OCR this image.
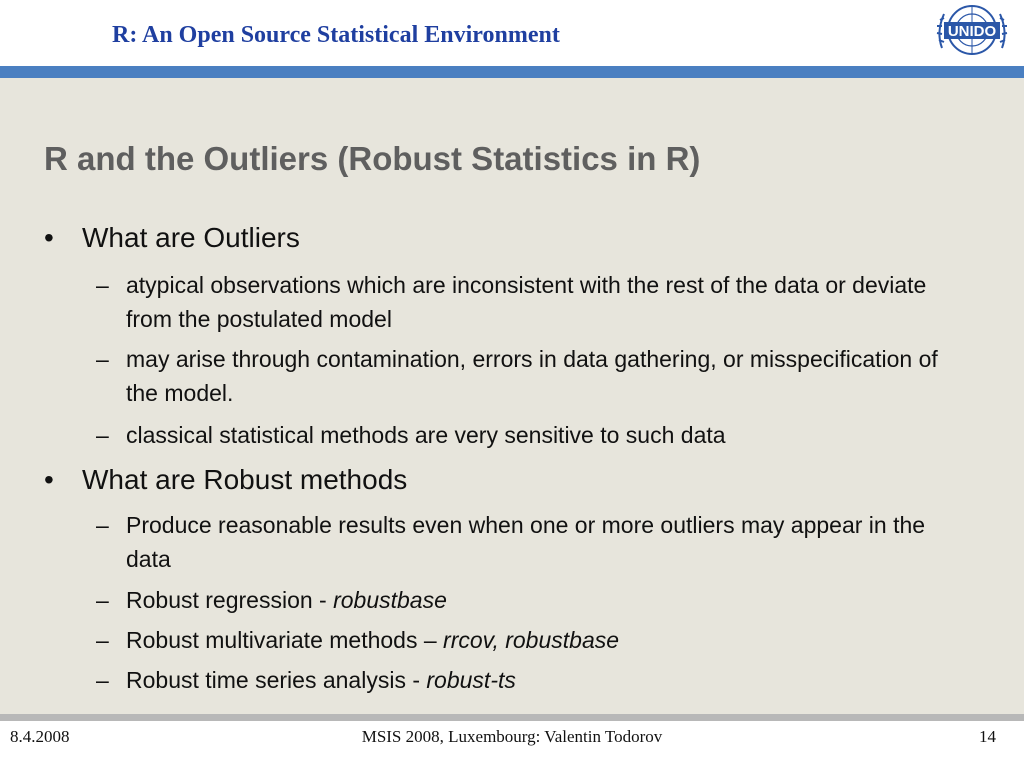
R: An Open Source Statistical Environment	UNIDO
R and the Outliers (Robust Statistics in R)
• What are Outliers
– atypical observations which are inconsistent with the rest of the data or deviate from the postulated model
– may arise through contamination, errors in data gathering, or misspecification of the model.
– classical statistical methods are very sensitive to such data
• What are Robust methods
– Produce reasonable results even when one or more outliers may appear in the data
– Robust regression - robustbase
– Robust multivariate methods – rrcov, robustbase
– Robust time series analysis - robust-ts
8.4.2008	MSIS 2008, Luxembourg: Valentin Todorov	14
